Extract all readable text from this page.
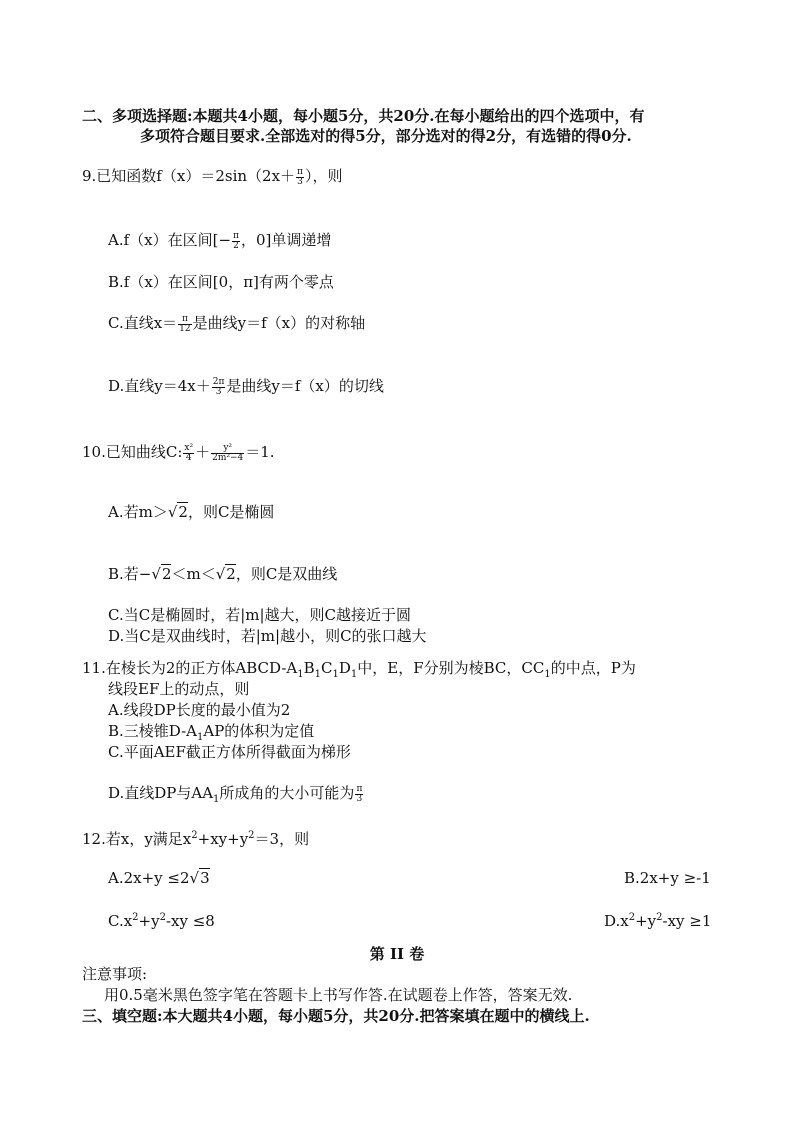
二、多项选择题:本题共4小题，每小题5分，共20分.在每小题给出的四个选项中，有
多项符合题目要求.全部选对的得5分，部分选对的得2分，有选错的得0分.
9.已知函数$f(x)=2\sin(2x+ \frac{\pi}{3}$ ），则
A.f（x）在区间[− $\frac{\pi}{2}$ ，0]单调递增
B.f（x）在区间[0，π]有两个零点
C.直线$x= \frac{\pi}{12}$ 是曲线y＝f（x）的对称轴
D.直线$y=4x+ \frac{2\pi}{3}$ 是曲线y＝f（x）的切线
10.已知曲线C: $\frac{\text{x²}}{4} + \frac{\text{y²}}{\text{2m²−4}} =1$.
A.若m＞√2，则C是椭圆
B.若−√2＜m＜√2，则C是双曲线
C.当C是椭圆时，若|m|越大，则C越接近于圆
D.当C是双曲线时，若|m|越小，则C的张口越大
11.在棱长为2的正方体ABCD-$A_1B_1C_1D_1$中，E，F分别为棱BC，$CC_1$的中点，P为
线段EF上的动点，则
A.线段DP长度的最小值为2
B.三棱锥$D-A_1AP$的体积为定值
C.平面AEF截正方体所得截面为梯形
D.直线DP与$AA_1$所成角的大小可能为 $\frac{\pi}{3}$
12.若x，y满足$x^2+xy+y^2=3$，则
A.2x+y ≤2√3	B.2x+y ≥-1
$C.x^2+y^2-xy \le 8$	$D.x^2+y^2-xy \ge 1$
第 II 卷
注意事项:
用0.5毫米黑色签字笔在答题卡上书写作答.在试题卷上作答，答案无效.
三、填空题:本大题共4小题，每小题5分，共20分.把答案填在题中的横线上.
